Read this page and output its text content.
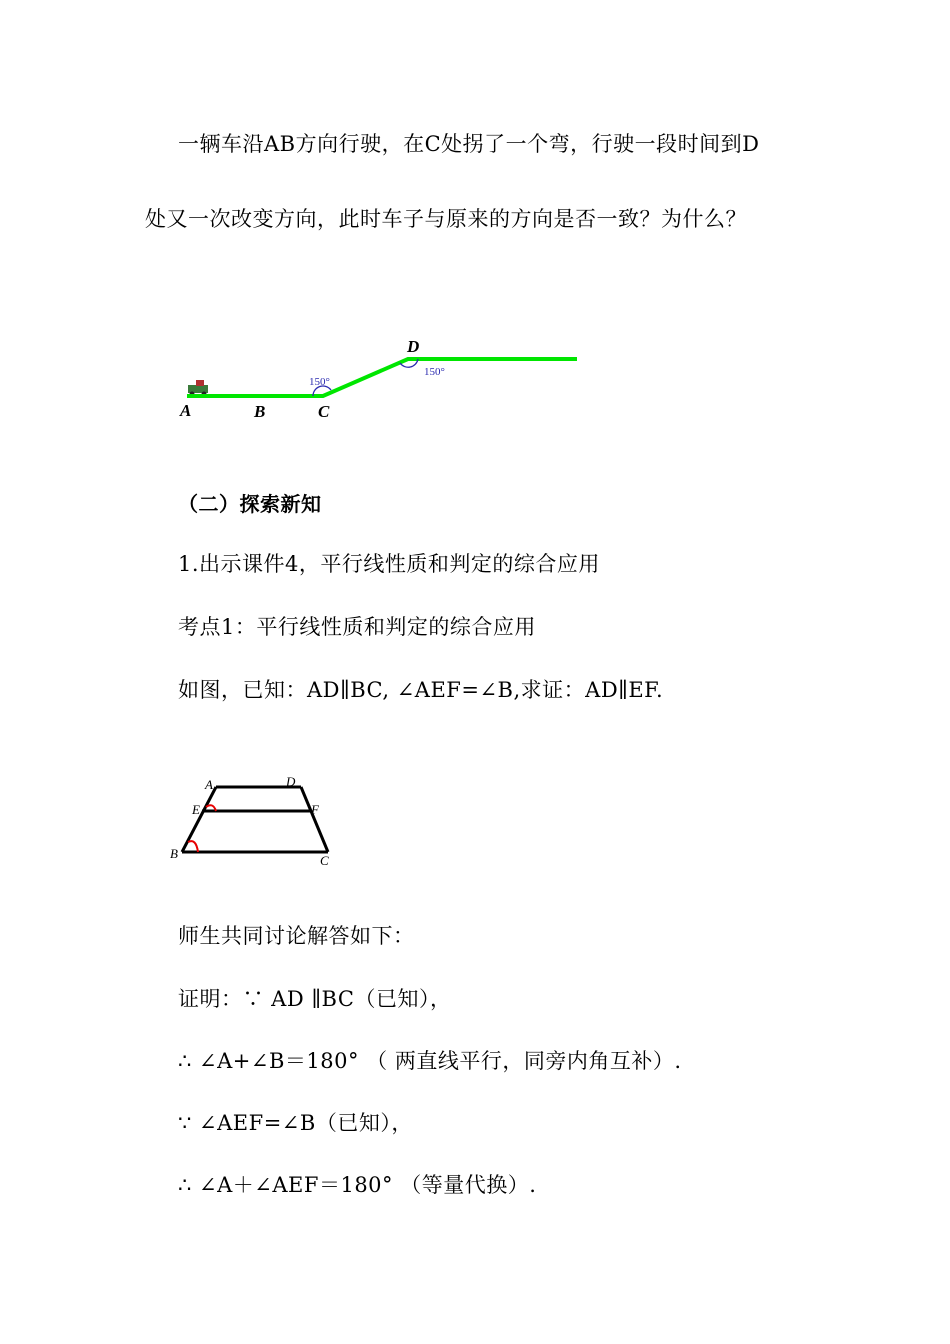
一辆车沿AB方向行驶，在C处拐了一个弯，行驶一段时间到D
处又一次改变方向，此时车子与原来的方向是否一致？为什么？
150°
150°
A	B	C
D
（二）探索新知
1.出示课件4，平行线性质和判定的综合应用
考点1：平行线性质和判定的综合应用
如图，已知：AD∥BC, ∠AEF=∠B,求证：AD∥EF.
A	D
E	F
B	C
师生共同讨论解答如下：
证明：∵ AD ∥BC（已知），
∴ ∠A+∠B＝180° （ 两直线平行，同旁内角互补）.
∵ ∠AEF=∠B（已知），
∴ ∠A＋∠AEF＝180° （等量代换）.
